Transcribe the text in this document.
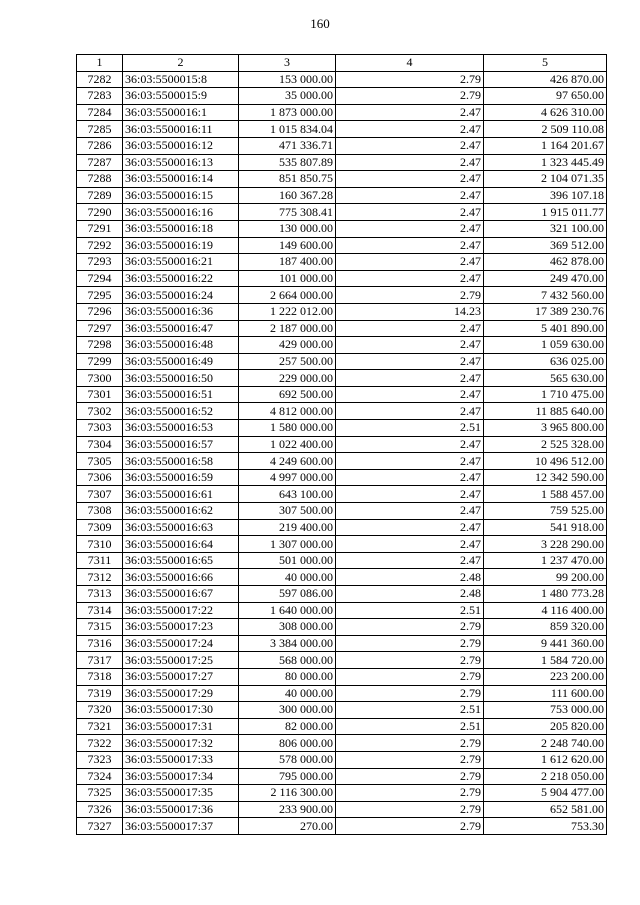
160
1	2	3	4	5
7282	36:03:5500015:8	153 000.00	2.79	426 870.00
7283	36:03:5500015:9	35 000.00	2.79	97 650.00
7284	36:03:5500016:1	1 873 000.00	2.47	4 626 310.00
7285	36:03:5500016:11	1 015 834.04	2.47	2 509 110.08
7286	36:03:5500016:12	471 336.71	2.47	1 164 201.67
7287	36:03:5500016:13	535 807.89	2.47	1 323 445.49
7288	36:03:5500016:14	851 850.75	2.47	2 104 071.35
7289	36:03:5500016:15	160 367.28	2.47	396 107.18
7290	36:03:5500016:16	775 308.41	2.47	1 915 011.77
7291	36:03:5500016:18	130 000.00	2.47	321 100.00
7292	36:03:5500016:19	149 600.00	2.47	369 512.00
7293	36:03:5500016:21	187 400.00	2.47	462 878.00
7294	36:03:5500016:22	101 000.00	2.47	249 470.00
7295	36:03:5500016:24	2 664 000.00	2.79	7 432 560.00
7296	36:03:5500016:36	1 222 012.00	14.23	17 389 230.76
7297	36:03:5500016:47	2 187 000.00	2.47	5 401 890.00
7298	36:03:5500016:48	429 000.00	2.47	1 059 630.00
7299	36:03:5500016:49	257 500.00	2.47	636 025.00
7300	36:03:5500016:50	229 000.00	2.47	565 630.00
7301	36:03:5500016:51	692 500.00	2.47	1 710 475.00
7302	36:03:5500016:52	4 812 000.00	2.47	11 885 640.00
7303	36:03:5500016:53	1 580 000.00	2.51	3 965 800.00
7304	36:03:5500016:57	1 022 400.00	2.47	2 525 328.00
7305	36:03:5500016:58	4 249 600.00	2.47	10 496 512.00
7306	36:03:5500016:59	4 997 000.00	2.47	12 342 590.00
7307	36:03:5500016:61	643 100.00	2.47	1 588 457.00
7308	36:03:5500016:62	307 500.00	2.47	759 525.00
7309	36:03:5500016:63	219 400.00	2.47	541 918.00
7310	36:03:5500016:64	1 307 000.00	2.47	3 228 290.00
7311	36:03:5500016:65	501 000.00	2.47	1 237 470.00
7312	36:03:5500016:66	40 000.00	2.48	99 200.00
7313	36:03:5500016:67	597 086.00	2.48	1 480 773.28
7314	36:03:5500017:22	1 640 000.00	2.51	4 116 400.00
7315	36:03:5500017:23	308 000.00	2.79	859 320.00
7316	36:03:5500017:24	3 384 000.00	2.79	9 441 360.00
7317	36:03:5500017:25	568 000.00	2.79	1 584 720.00
7318	36:03:5500017:27	80 000.00	2.79	223 200.00
7319	36:03:5500017:29	40 000.00	2.79	111 600.00
7320	36:03:5500017:30	300 000.00	2.51	753 000.00
7321	36:03:5500017:31	82 000.00	2.51	205 820.00
7322	36:03:5500017:32	806 000.00	2.79	2 248 740.00
7323	36:03:5500017:33	578 000.00	2.79	1 612 620.00
7324	36:03:5500017:34	795 000.00	2.79	2 218 050.00
7325	36:03:5500017:35	2 116 300.00	2.79	5 904 477.00
7326	36:03:5500017:36	233 900.00	2.79	652 581.00
7327	36:03:5500017:37	270.00	2.79	753.30
